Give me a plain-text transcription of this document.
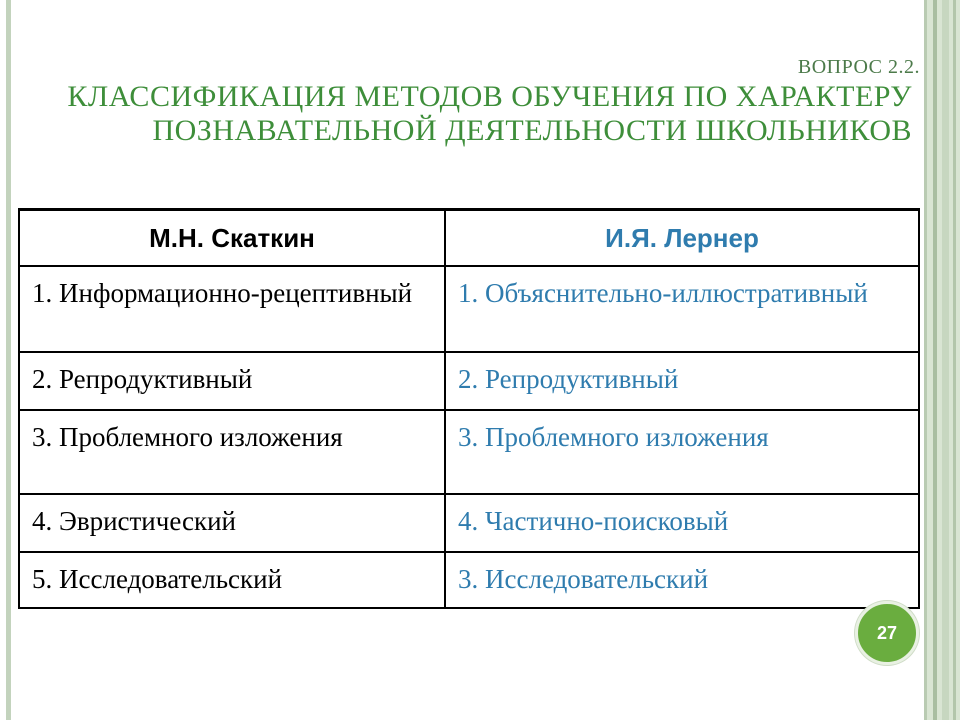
ВОПРОС 2.2.
КЛАССИФИКАЦИЯ МЕТОДОВ ОБУЧЕНИЯ ПО ХАРАКТЕРУ
ПОЗНАВАТЕЛЬНОЙ ДЕЯТЕЛЬНОСТИ ШКОЛЬНИКОВ
М.Н. Скаткин	И.Я. Лернер
1. Информационно-рецептивный	1. Объяснительно-иллюстративный
2. Репродуктивный	2. Репродуктивный
3. Проблемного изложения	3. Проблемного изложения
4. Эвристический	4. Частично-поисковый
5. Исследовательский	3. Исследовательский
27
